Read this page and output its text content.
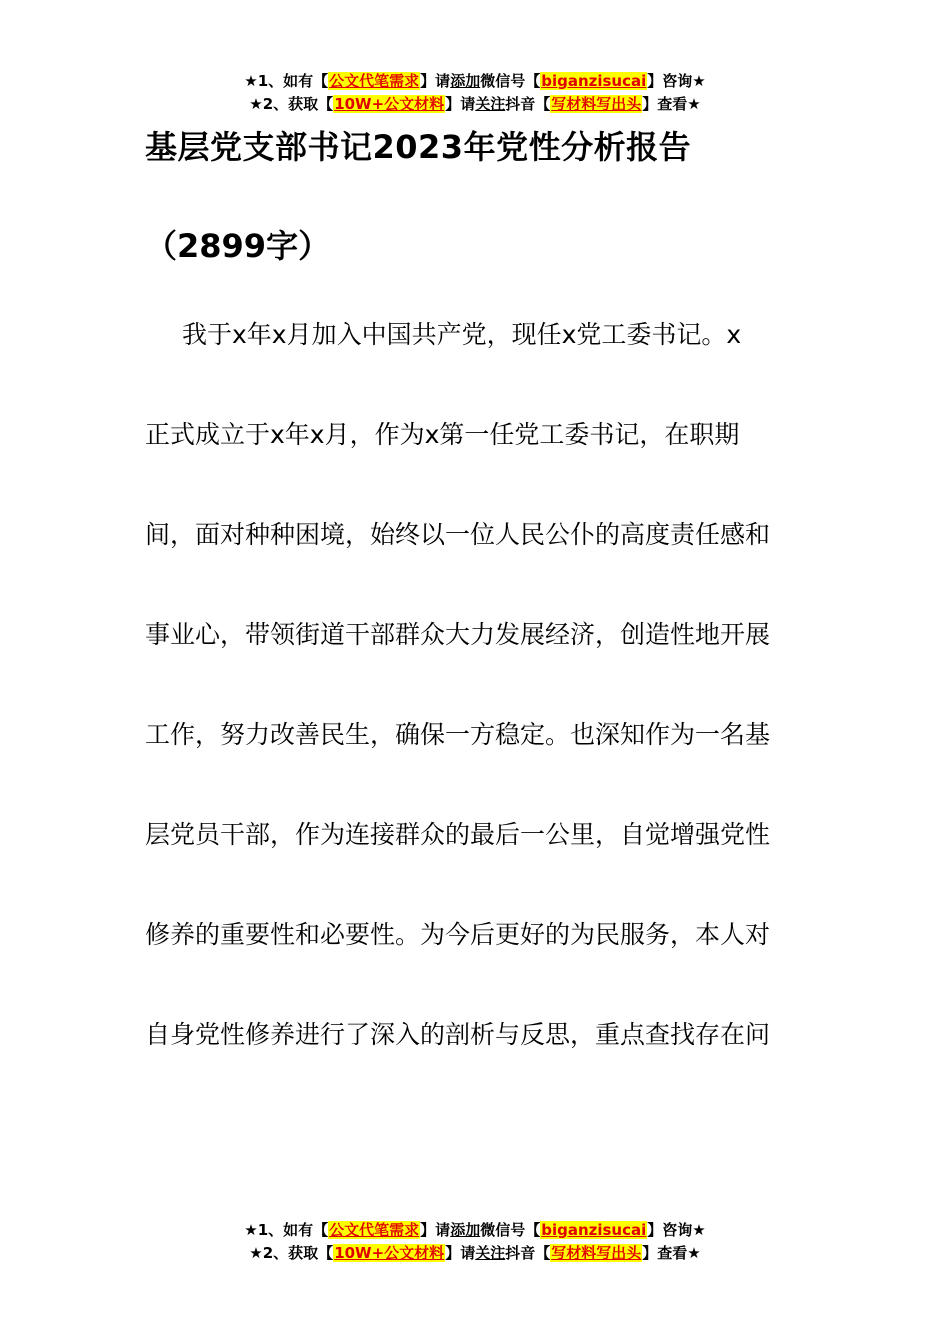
★1、如有【公文代笔需求】请添加微信号【biganzisucai】咨询★
★2、获取【10W+公文材料】请关注抖音【写材料写出头】查看★
基层党支部书记2023年党性分析报告
（2899字）
我于x年x月加入中国共产党，现任x党工委书记。x
正式成立于x年x月，作为x第一任党工委书记，在职期
间，面对种种困境，始终以一位人民公仆的高度责任感和
事业心，带领街道干部群众大力发展经济，创造性地开展
工作，努力改善民生，确保一方稳定。也深知作为一名基
层党员干部，作为连接群众的最后一公里，自觉增强党性
修养的重要性和必要性。为今后更好的为民服务，本人对
自身党性修养进行了深入的剖析与反思，重点查找存在问
★1、如有【公文代笔需求】请添加微信号【biganzisucai】咨询★
★2、获取【10W+公文材料】请关注抖音【写材料写出头】查看★
